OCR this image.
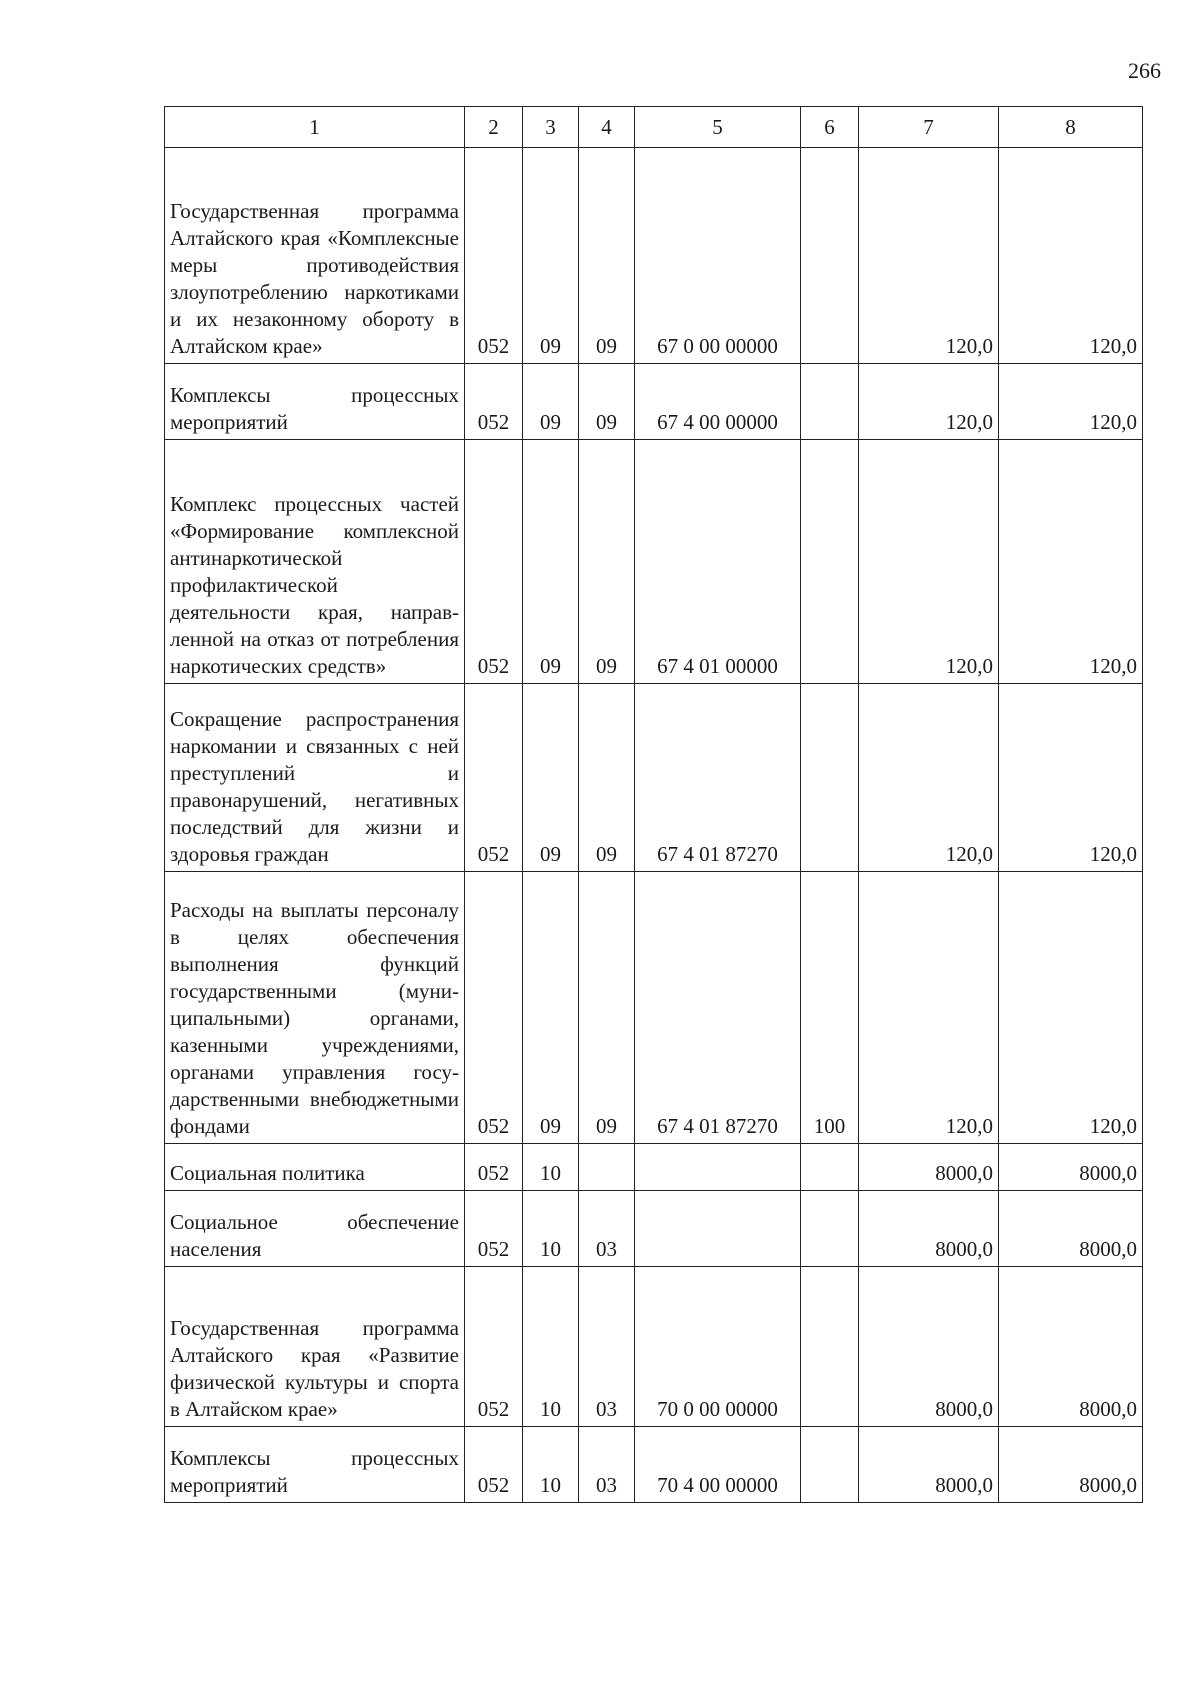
266
1	2	3	4	5	6	7	8
Государственная программа Алтайского края «Комплексные меры противодействия злоупотреблению наркотиками и их незаконному обороту в Алтайском крае»	052	09	09	67 0 00 00000		120,0	120,0
Комплексы процессных мероприятий	052	09	09	67 4 00 00000		120,0	120,0
Комплекс процессных частей «Формирование комплексной антинаркотической профилактической деятельности края, направленной на отказ от потребления наркотических средств»	052	09	09	67 4 01 00000		120,0	120,0
Сокращение распространения наркомании и связанных с ней преступлений и правонарушений, негативных последствий для жизни и здоровья граждан	052	09	09	67 4 01 87270		120,0	120,0
Расходы на выплаты персоналу в целях обеспечения выполнения функций государственными (муниципальными) органами, казенными учреждениями, органами управления государственными внебюджетными фондами	052	09	09	67 4 01 87270	100	120,0	120,0
Социальная политика	052	10				8000,0	8000,0
Социальное обеспечение населения	052	10	03			8000,0	8000,0
Государственная программа Алтайского края «Развитие физической культуры и спорта в Алтайском крае»	052	10	03	70 0 00 00000		8000,0	8000,0
Комплексы процессных мероприятий	052	10	03	70 4 00 00000		8000,0	8000,0
